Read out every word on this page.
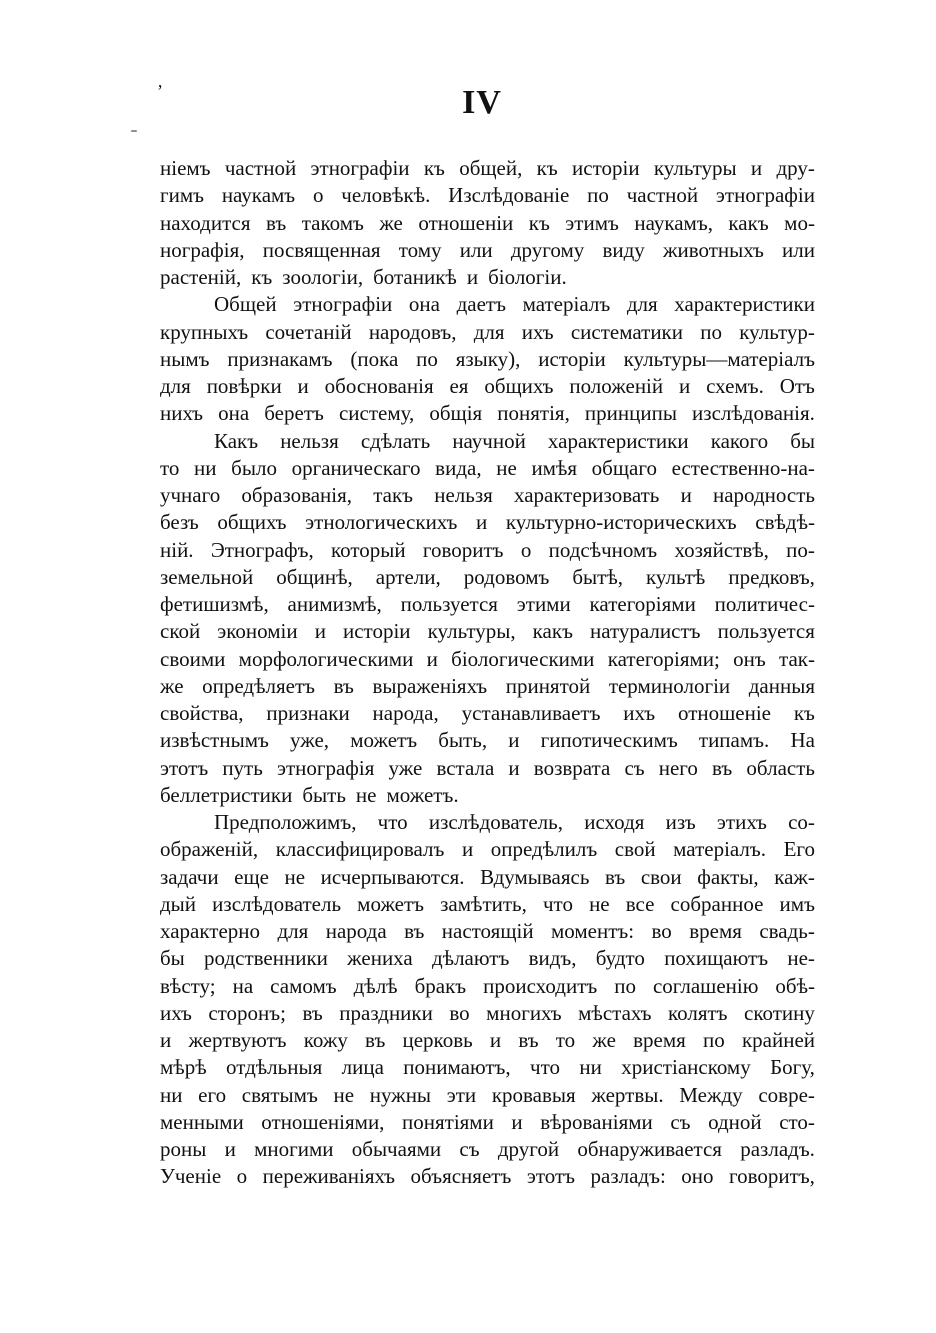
ʼ
ˍ
IV
ніемъ частной этнографіи къ общей, къ исторіи культуры и дру-
гимъ наукамъ о человѣкѣ. Изслѣдованіе по частной этнографіи
находится въ такомъ же отношеніи къ этимъ наукамъ, какъ мо-
нографія, посвященная тому или другому виду животныхъ или
растеній, къ зоологіи, ботаникѣ и біологіи.
Общей этнографіи она даетъ матеріалъ для характеристики
крупныхъ сочетаній народовъ, для ихъ систематики по культур-
нымъ признакамъ (пока по языку), исторіи культуры—матеріалъ
для повѣрки и обоснованія ея общихъ положеній и схемъ. Отъ
нихъ она беретъ систему, общія понятія, принципы изслѣдованія.
Какъ нельзя сдѣлать научной характеристики какого бы
то ни было органическаго вида, не имѣя общаго естественно-на-
учнаго образованія, такъ нельзя характеризовать и народность
безъ общихъ этнологическихъ и культурно-историческихъ свѣдѣ-
ній. Этнографъ, который говоритъ о подсѣчномъ хозяйствѣ, по-
земельной общинѣ, артели, родовомъ бытѣ, культѣ предковъ,
фетишизмѣ, анимизмѣ, пользуется этими категоріями политичес-
ской экономіи и исторіи культуры, какъ натуралистъ пользуется
своими морфологическими и біологическими категоріями; онъ так-
же опредѣляетъ въ выраженіяхъ принятой терминологіи данныя
свойства, признаки народа, устанавливаетъ ихъ отношеніе къ
извѣстнымъ уже, можетъ быть, и гипотическимъ типамъ. На
этотъ путь этнографія уже встала и возврата съ него въ область
беллетристики быть не можетъ.
Предположимъ, что изслѣдователь, исходя изъ этихъ со-
ображеній, классифицировалъ и опредѣлилъ свой матеріалъ. Его
задачи еще не исчерпываются. Вдумываясь въ свои факты, каж-
дый изслѣдователь можетъ замѣтить, что не все собранное имъ
характерно для народа въ настоящій моментъ: во время свадь-
бы родственники жениха дѣлаютъ видъ, будто похищаютъ не-
вѣсту; на самомъ дѣлѣ бракъ происходитъ по соглашенію обѣ-
ихъ сторонъ; въ праздники во многихъ мѣстахъ колятъ скотину
и жертвуютъ кожу въ церковь и въ то же время по крайней
мѣрѣ отдѣльныя лица понимаютъ, что ни христіанскому Богу,
ни его святымъ не нужны эти кровавыя жертвы. Между совре-
менными отношеніями, понятіями и вѣрованіями съ одной сто-
роны и многими обычаями съ другой обнаруживается разладъ.
Ученіе о переживаніяхъ объясняетъ этотъ разладъ: оно говоритъ,
